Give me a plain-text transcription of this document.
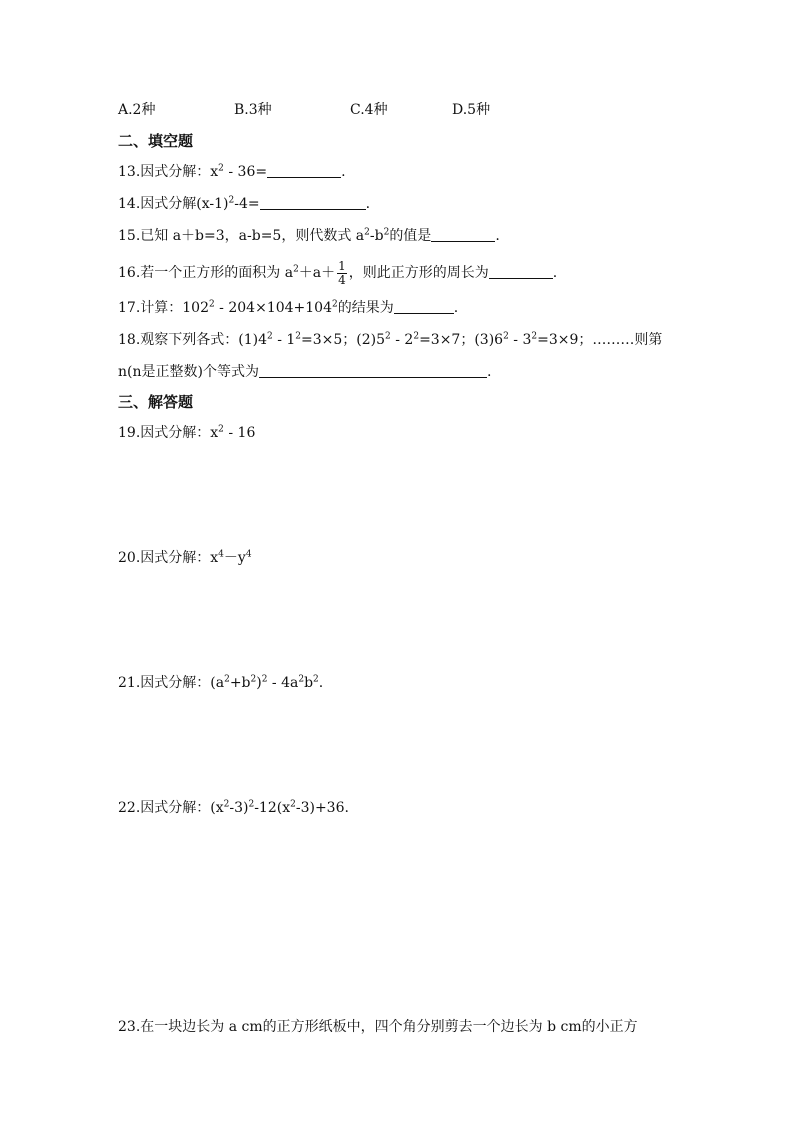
A.2种	B.3种	C.4种	D.5种
二、填空题
13.因式分解：$x^2 - 36=$	.
14.因式分解$(x-1)^2-4=$	.
15.已知 a＋b=3，a-b=5，则代数式 $a^2-b^2$的值是	.
16.若一个正方形的面积为 $a^2+a+ \frac{1}{4}$ ，则此正方形的周长为	.
17.计算：$102^2 - 204\times 104+104^2$的结果为	.
18.观察下列各式：$(1)4^2 - 1^2=3\times 5$；$(2)5^2 - 2^2=3\times 7$；$(3)6^2 - 3^2=3\times 9$；………则第
n(n是正整数)个等式为	.
三、解答题
19.因式分解：$x^2 - 16$
20.因式分解：$x^4-y^4$
21.因式分解：$(a^2+b^2)^2 - 4a^2b^2$.
22.因式分解：$(x^2-3)^2-12(x^2-3)+36$.
23.在一块边长为 a cm的正方形纸板中，四个角分别剪去一个边长为 b cm的小正方
